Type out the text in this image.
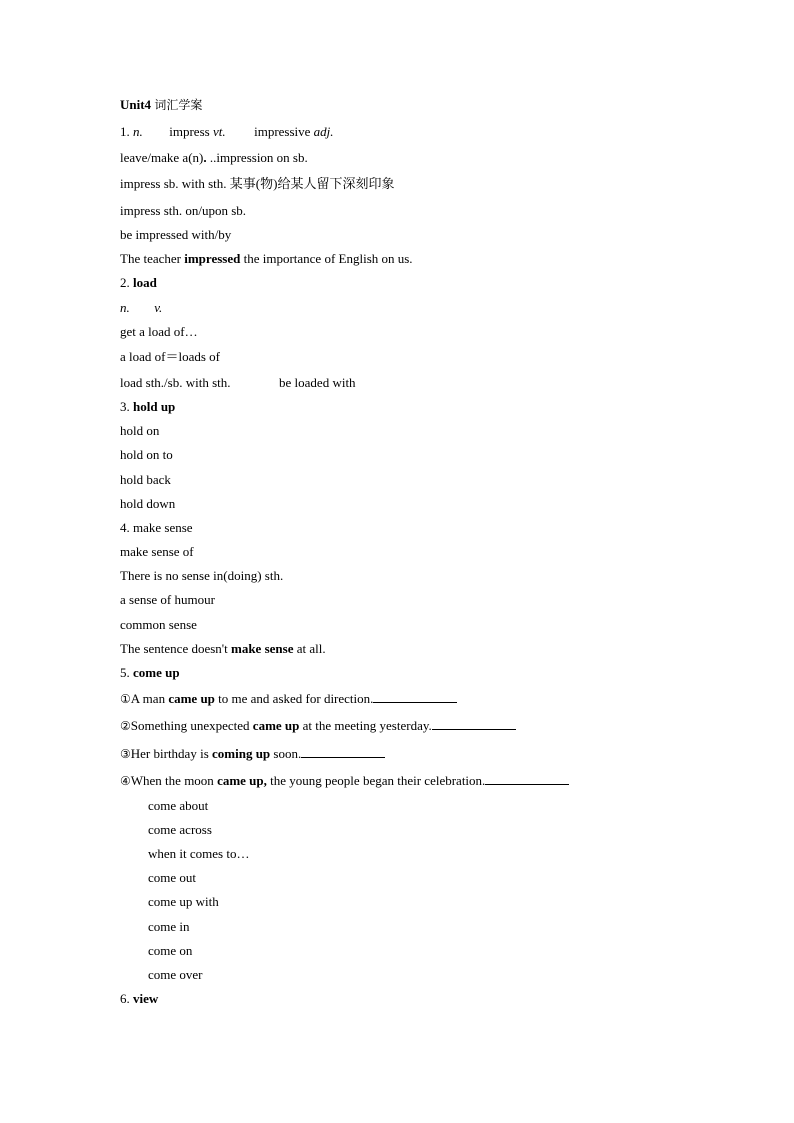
Unit4 词汇学案
1. n. impress vt. impressive adj.
leave/make a(n). ..impression on sb.
impress sb. with sth. 某事(物)给某人留下深刻印象
impress sth. on/upon sb.
be impressed with/by
The teacher impressed the importance of English on us.
2. load
n. v.
get a load of…
a load of＝loads of
load sth./sb. with sth.	be loaded with
3. hold up
hold on
hold on to
hold back
hold down
4. make sense
make sense of
There is no sense in(doing) sth.
a sense of humour
common sense
The sentence doesn't make sense at all.
5. come up
①A man came up to me and asked for direction.
②Something unexpected came up at the meeting yesterday.
③Her birthday is coming up soon.
④When the moon came up, the young people began their celebration.
come about
come across
when it comes to…
come out
come up with
come in
come on
come over
6. view
